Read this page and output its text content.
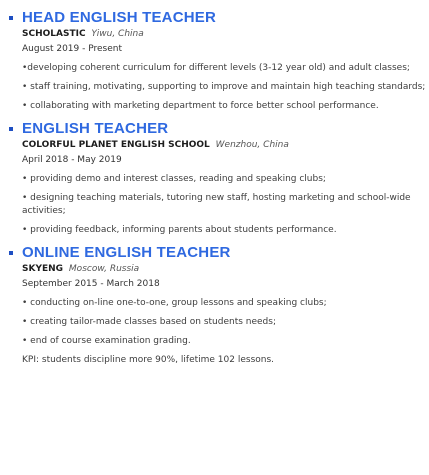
HEAD ENGLISH TEACHER
SCHOLASTIC Yiwu, China
August 2019 - Present
•developing coherent curriculum for different levels (3-12 year old) and adult classes;
• staff training, motivating, supporting to improve and maintain high teaching standards;
• collaborating with marketing department to force better school performance.
ENGLISH TEACHER
COLORFUL PLANET ENGLISH SCHOOL Wenzhou, China
April 2018 - May 2019
• providing demo and interest classes, reading and speaking clubs;
• designing teaching materials, tutoring new staff, hosting marketing and school-wide activities;
• providing feedback, informing parents about students performance.
ONLINE ENGLISH TEACHER
SKYENG Moscow, Russia
September 2015 - March 2018
• conducting on-line one-to-one, group lessons and speaking clubs;
• creating tailor-made classes based on students needs;
• end of course examination grading.
KPI: students discipline more 90%, lifetime 102 lessons.
